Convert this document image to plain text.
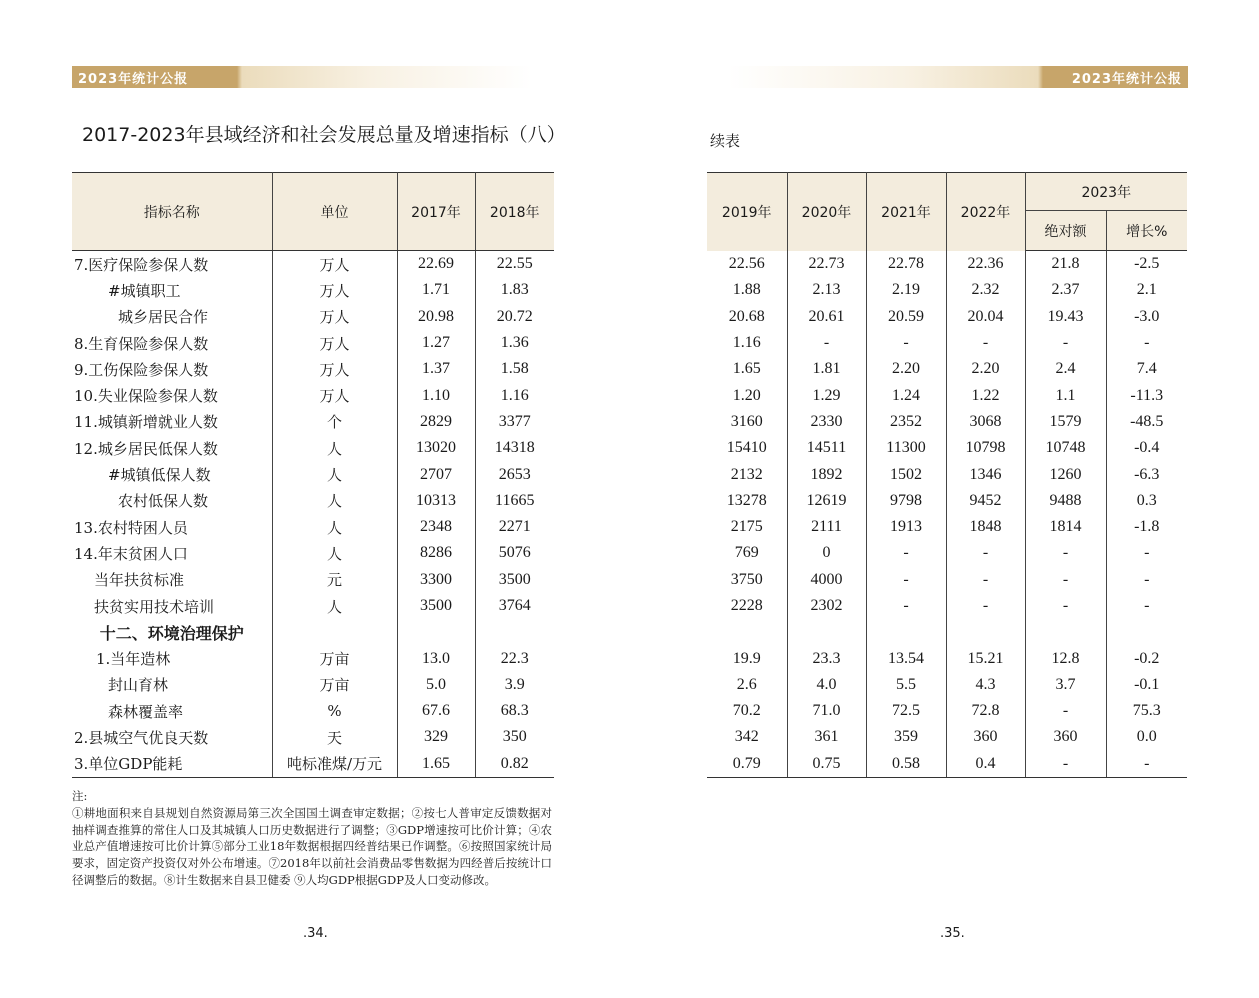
2023年统计公报
2017-2023年县域经济和社会发展总量及增速指标（八）
指标名称	单位	2017年	2018年
7.医疗保险参保人数	万人	22.69	22.55
#城镇职工	万人	1.71	1.83
城乡居民合作	万人	20.98	20.72
8.生育保险参保人数	万人	1.27	1.36
9.工伤保险参保人数	万人	1.37	1.58
10.失业保险参保人数	万人	1.10	1.16
11.城镇新增就业人数	个	2829	3377
12.城乡居民低保人数	人	13020	14318
#城镇低保人数	人	2707	2653
农村低保人数	人	10313	11665
13.农村特困人员	人	2348	2271
14.年末贫困人口	人	8286	5076
当年扶贫标准	元	3300	3500
扶贫实用技术培训	人	3500	3764
十二、环境治理保护			
1.当年造林	万亩	13.0	22.3
封山育林	万亩	5.0	3.9
森林覆盖率	%	67.6	68.3
2.县城空气优良天数	天	329	350
3.单位GDP能耗	吨标准煤/万元	1.65	0.82
注:
①耕地面积来自县规划自然资源局第三次全国国土调查审定数据；②按七人普审定反馈数据对抽样调查推算的常住人口及其城镇人口历史数据进行了调整；③GDP增速按可比价计算；④农业总产值增速按可比价计算⑤部分工业18年数据根据四经普结果已作调整。⑥按照国家统计局要求，固定资产投资仅对外公布增速。⑦2018年以前社会消费品零售数据为四经普后按统计口径调整后的数据。⑧计生数据来自县卫健委 ⑨人均GDP根据GDP及人口变动修改。
.34.
2023年统计公报
续表
2019年	2020年	2021年	2022年	2023年	
				绝对额	增长%
22.56	22.73	22.78	22.36	21.8	-2.5
1.88	2.13	2.19	2.32	2.37	2.1
20.68	20.61	20.59	20.04	19.43	-3.0
1.16	-	-	-	-	-
1.65	1.81	2.20	2.20	2.4	7.4
1.20	1.29	1.24	1.22	1.1	-11.3
3160	2330	2352	3068	1579	-48.5
15410	14511	11300	10798	10748	-0.4
2132	1892	1502	1346	1260	-6.3
13278	12619	9798	9452	9488	0.3
2175	2111	1913	1848	1814	-1.8
769	0	-	-	-	-
3750	4000	-	-	-	-
2228	2302	-	-	-	-

19.9	23.3	13.54	15.21	12.8	-0.2
2.6	4.0	5.5	4.3	3.7	-0.1
70.2	71.0	72.5	72.8	-	75.3
342	361	359	360	360	0.0
0.79	0.75	0.58	0.4	-	-
.35.
